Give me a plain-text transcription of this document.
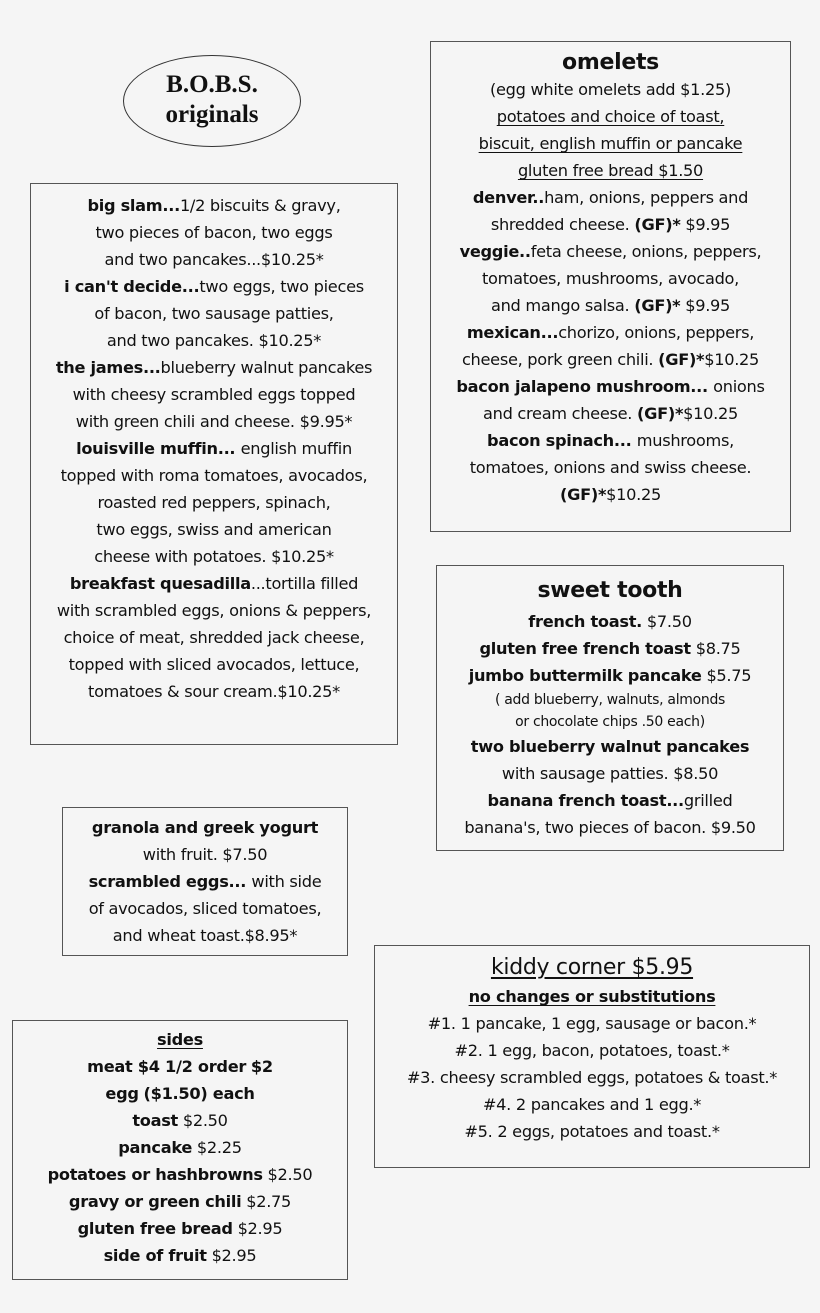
B.O.B.S.
originals
big slam...1/2 biscuits & gravy,
two pieces of bacon, two eggs
and two pancakes...$10.25*
i can't decide...two eggs, two pieces
of bacon, two sausage patties,
and two pancakes. $10.25*
the james...blueberry walnut pancakes
with cheesy scrambled eggs topped
with green chili and cheese. $9.95*
louisville muffin... english muffin
topped with roma tomatoes, avocados,
roasted red peppers, spinach,
two eggs, swiss and american
cheese with potatoes. $10.25*
breakfast quesadilla...tortilla filled
with scrambled eggs, onions & peppers,
choice of meat, shredded jack cheese,
topped with sliced avocados, lettuce,
tomatoes & sour cream.$10.25*
omelets
(egg white omelets add $1.25)
potatoes and choice of toast,
biscuit, english muffin or pancake
gluten free bread $1.50
denver..ham, onions, peppers and
shredded cheese. (GF)* $9.95
veggie..feta cheese, onions, peppers,
tomatoes, mushrooms, avocado,
and mango salsa. (GF)* $9.95
mexican...chorizo, onions, peppers,
cheese, pork green chili. (GF)*$10.25
bacon jalapeno mushroom... onions
and cream cheese. (GF)*$10.25
bacon spinach... mushrooms,
tomatoes, onions and swiss cheese.
(GF)*$10.25
sweet tooth
french toast. $7.50
gluten free french toast $8.75
jumbo buttermilk pancake $5.75
( add blueberry, walnuts, almonds
or chocolate chips .50 each)
two blueberry walnut pancakes
with sausage patties. $8.50
banana french toast...grilled
banana's, two pieces of bacon. $9.50
granola and greek yogurt
with fruit. $7.50
scrambled eggs... with side
of avocados, sliced tomatoes,
and wheat toast.$8.95*
kiddy corner $5.95
no changes or substitutions
#1. 1 pancake, 1 egg, sausage or bacon.*
#2. 1 egg, bacon, potatoes, toast.*
#3. cheesy scrambled eggs, potatoes & toast.*
#4. 2 pancakes and 1 egg.*
#5. 2 eggs, potatoes and toast.*
sides
meat $4 1/2 order $2
egg ($1.50) each
toast $2.50
pancake $2.25
potatoes or hashbrowns $2.50
gravy or green chili $2.75
gluten free bread $2.95
side of fruit $2.95
